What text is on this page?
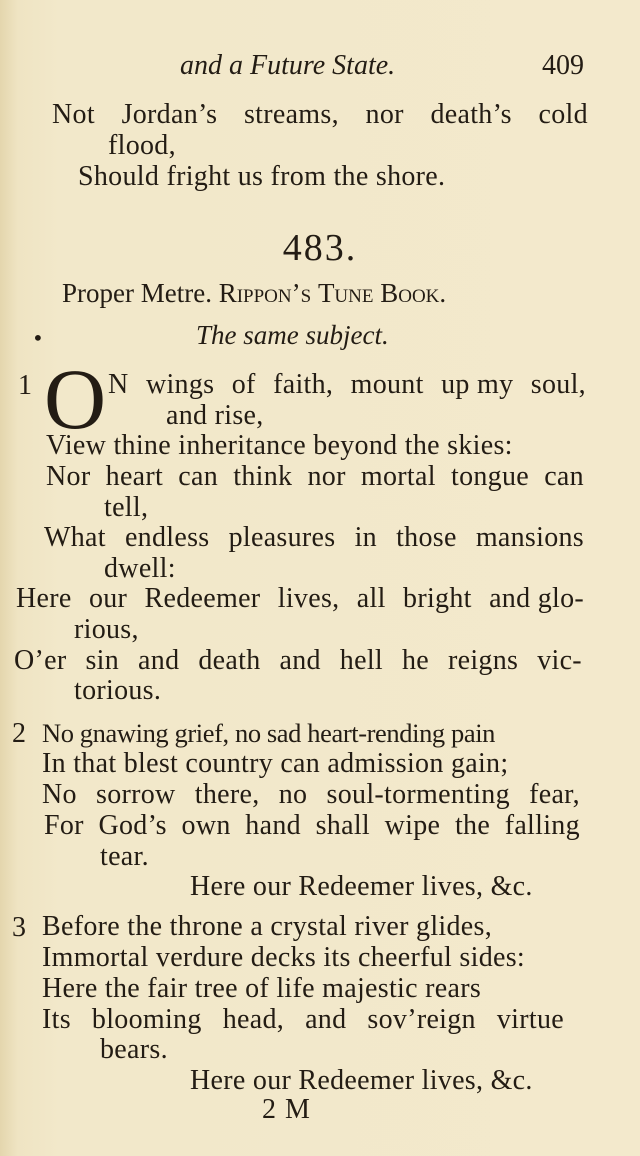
and a Future State.	409
Not Jordan’s streams, nor death’s cold
flood,
Should fright us from the shore.
483.
Proper Metre. Rippon’s Tune Book.
•	The same subject.
1 O N wings of faith, mount up my soul,
and rise,
View thine inheritance beyond the skies:
Nor heart can think nor mortal tongue can
tell,
What endless pleasures in those mansions
dwell:
Here our Redeemer lives, all bright and glo-
rious,
O’er sin and death and hell he reigns vic-
torious.
2 No gnawing grief, no sad heart-rending pain
In that blest country can admission gain;
No sorrow there, no soul-tormenting fear,
For God’s own hand shall wipe the falling
tear.
Here our Redeemer lives, &c.
3 Before the throne a crystal river glides,
Immortal verdure decks its cheerful sides:
Here the fair tree of life majestic rears
Its blooming head, and sov’reign virtue
bears.
Here our Redeemer lives, &c.
2 M
